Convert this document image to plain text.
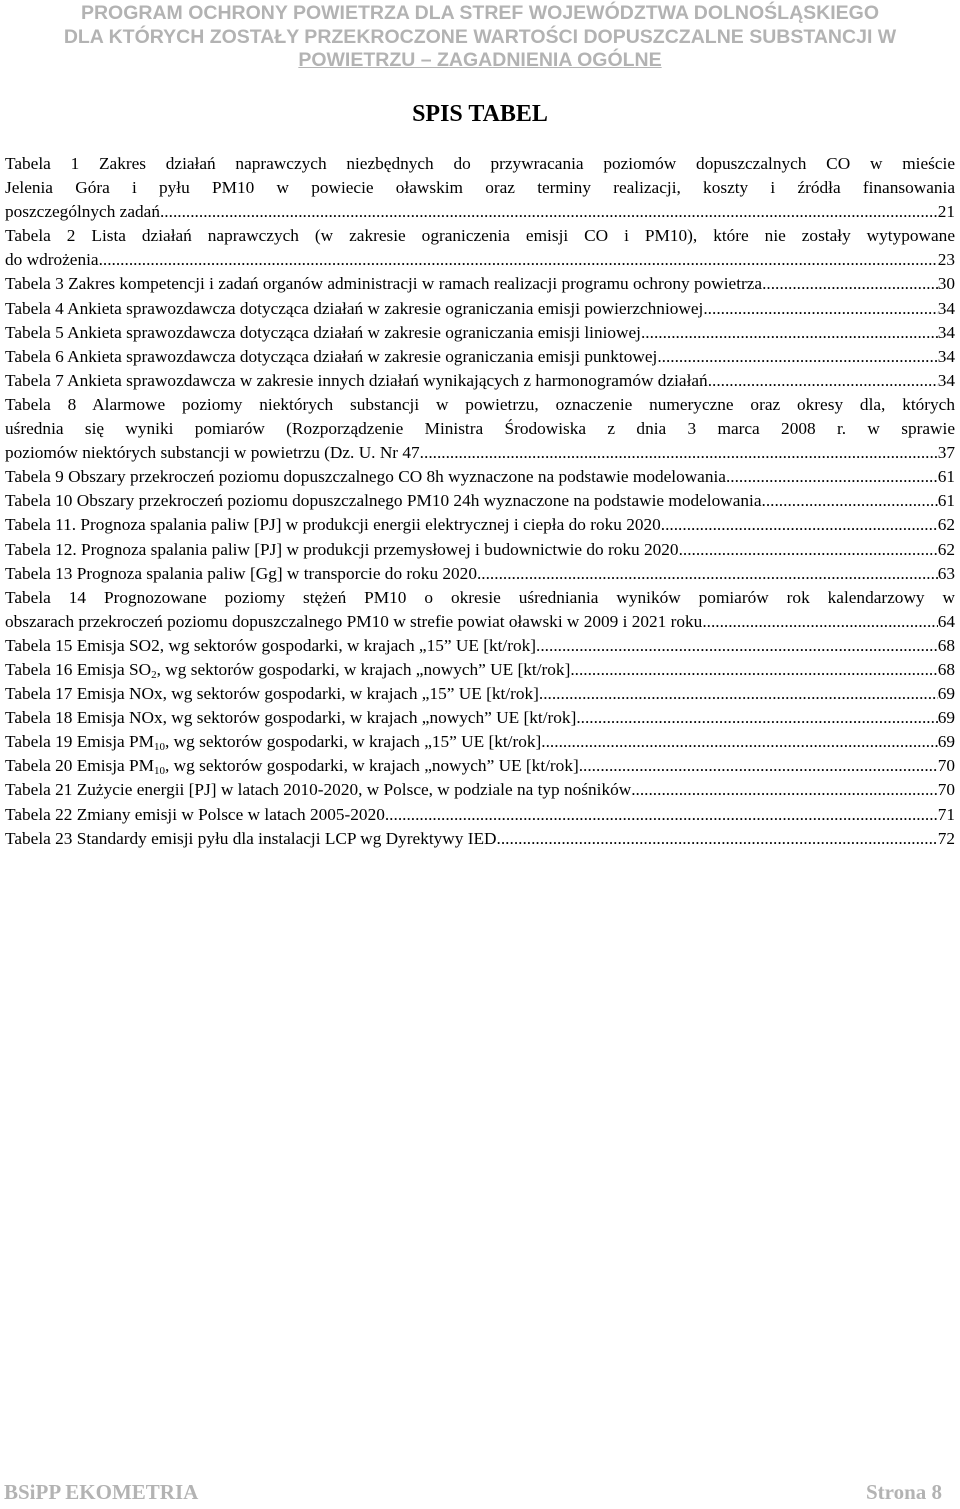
PROGRAM OCHRONY POWIETRZA DLA STREF WOJEWÓDZTWA DOLNOŚLĄSKIEGO
DLA KTÓRYCH ZOSTAŁY PRZEKROCZONE WARTOŚCI DOPUSZCZALNE SUBSTANCJI W
POWIETRZU – ZAGADNIENIA OGÓLNE
SPIS TABEL
Tabela 1 Zakres działań naprawczych niezbędnych do przywracania poziomów dopuszczalnych CO w mieście
Jelenia Góra i pyłu PM10 w powiecie oławskim oraz terminy realizacji, koszty i źródła finansowania
poszczególnych zadań .....	21
Tabela 2 Lista działań naprawczych (w zakresie ograniczenia emisji CO i PM10), które nie zostały wytypowane
do wdrożenia .....	23
Tabela 3 Zakres kompetencji i zadań organów administracji w ramach realizacji programu ochrony powietrza .....	30
Tabela 4 Ankieta sprawozdawcza dotycząca działań w zakresie ograniczania emisji powierzchniowej .....	34
Tabela 5 Ankieta sprawozdawcza dotycząca działań w zakresie ograniczania emisji liniowej .....	34
Tabela 6 Ankieta sprawozdawcza dotycząca działań w zakresie ograniczania emisji punktowej .....	34
Tabela 7 Ankieta sprawozdawcza w zakresie innych działań wynikających z harmonogramów działań .....	34
Tabela 8 Alarmowe poziomy niektórych substancji w powietrzu, oznaczenie numeryczne oraz okresy dla, których
uśrednia się wyniki pomiarów (Rozporządzenie Ministra Środowiska z dnia 3 marca 2008 r. w sprawie
poziomów niektórych substancji w powietrzu (Dz. U. Nr 47 .....	37
Tabela 9 Obszary przekroczeń poziomu dopuszczalnego CO 8h wyznaczone na podstawie modelowania .....	61
Tabela 10 Obszary przekroczeń poziomu dopuszczalnego PM10 24h wyznaczone na podstawie modelowania .....	61
Tabela 11. Prognoza spalania paliw [PJ] w produkcji energii elektrycznej i ciepła do roku 2020 .....	62
Tabela 12. Prognoza spalania paliw [PJ] w produkcji przemysłowej i budownictwie do roku 2020 .....	62
Tabela 13 Prognoza spalania paliw [Gg] w transporcie do roku 2020 .....	63
Tabela 14 Prognozowane poziomy stężeń PM10 o okresie uśredniania wyników pomiarów rok kalendarzowy w
obszarach przekroczeń poziomu dopuszczalnego PM10 w strefie powiat oławski w 2009 i 2021 roku .....	64
Tabela 15 Emisja SO2, wg sektorów gospodarki, w krajach „15” UE [kt/rok] .....	68
Tabela 16 Emisja $SO_2$, wg sektorów gospodarki, w krajach „nowych” UE [kt/rok] .....	68
Tabela 17 Emisja NOx, wg sektorów gospodarki, w krajach „15” UE [kt/rok] .....	69
Tabela 18 Emisja NOx, wg sektorów gospodarki, w krajach „nowych” UE [kt/rok] .....	69
Tabela 19 Emisja $PM_{10}$, wg sektorów gospodarki, w krajach „15” UE [kt/rok] .....	69
Tabela 20 Emisja $PM_{10}$, wg sektorów gospodarki, w krajach „nowych” UE [kt/rok] .....	70
Tabela 21 Zużycie energii [PJ] w latach 2010-2020, w Polsce, w podziale na typ nośników .....	70
Tabela 22 Zmiany emisji w Polsce w latach 2005-2020 .....	71
Tabela 23 Standardy emisji pyłu dla instalacji LCP wg Dyrektywy IED .....	72
BSiPP EKOMETRIA	Strona 8
